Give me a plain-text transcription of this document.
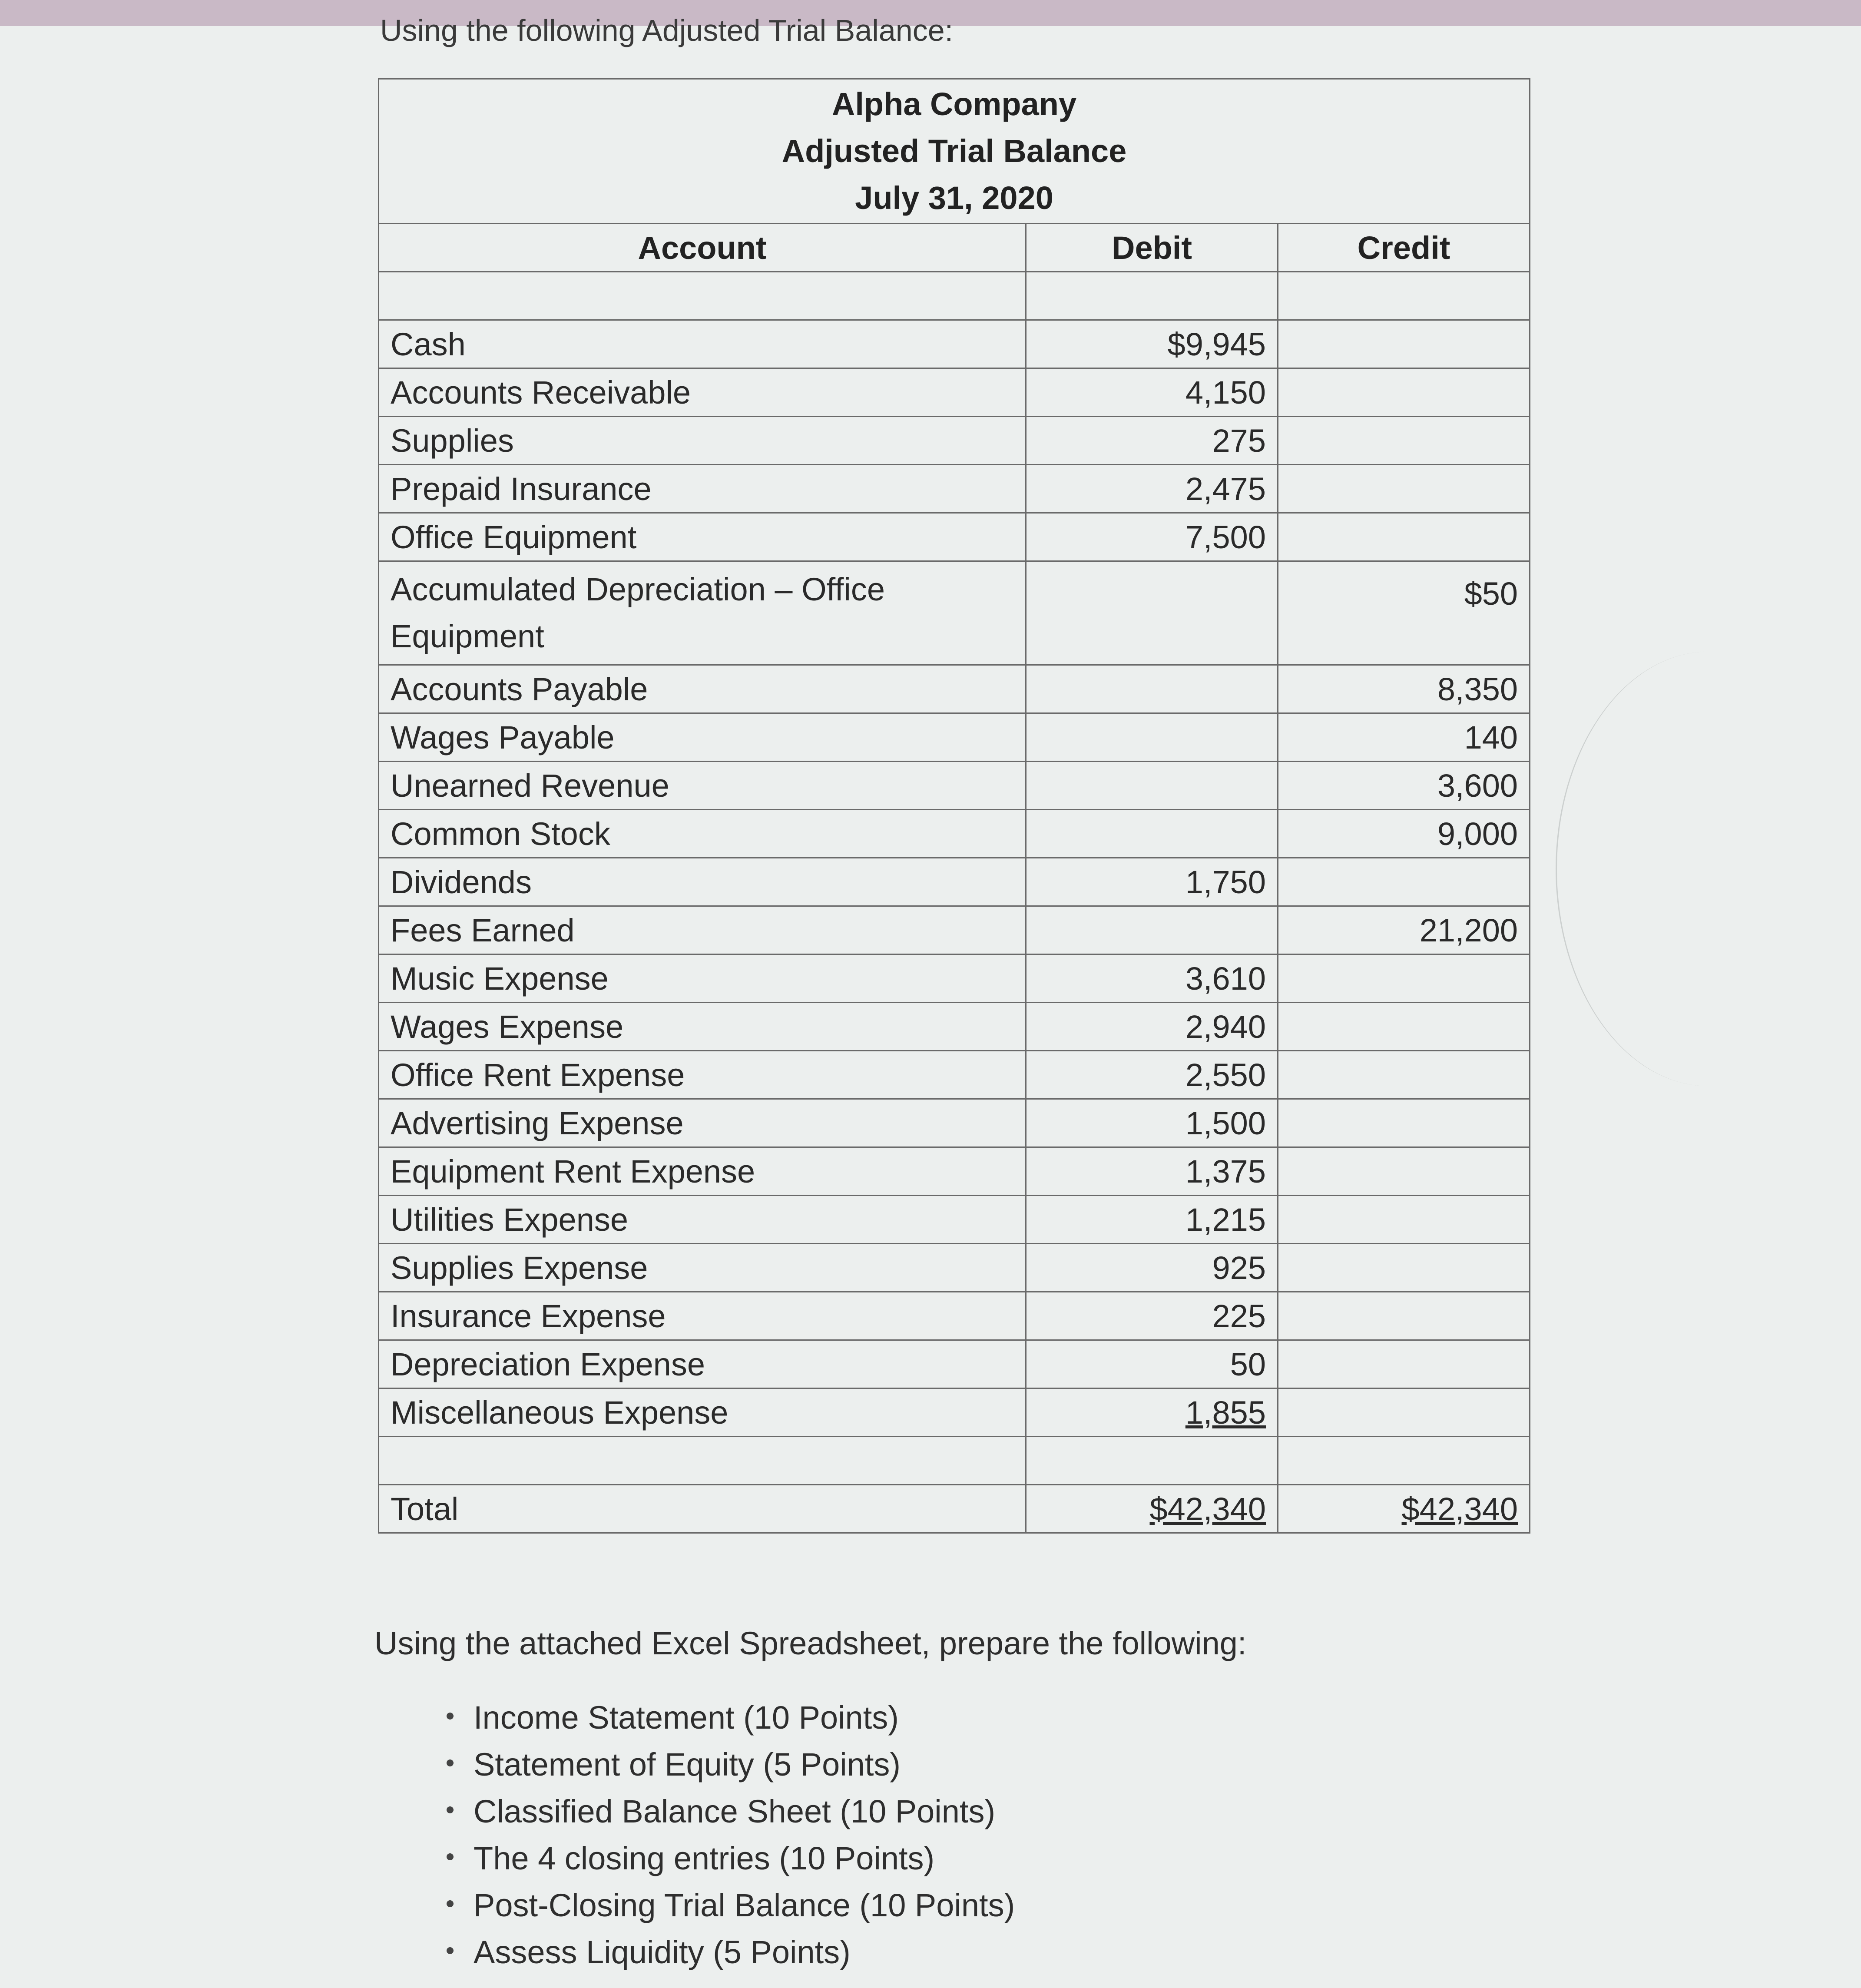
Using the following Adjusted Trial Balance:
Alpha Company
Adjusted Trial Balance
July 31, 2020		

Account	Debit	Credit

Cash	$9,945	
Accounts Receivable	4,150	
Supplies	275	
Prepaid Insurance	2,475	
Office Equipment	7,500	
Accumulated Depreciation – Office Equipment		$50
Accounts Payable		8,350
Wages Payable		140
Unearned Revenue		3,600
Common Stock		9,000
Dividends	1,750	
Fees Earned		21,200
Music Expense	3,610	
Wages Expense	2,940	
Office Rent Expense	2,550	
Advertising Expense	1,500	
Equipment Rent Expense	1,375	
Utilities Expense	1,215	
Supplies Expense	925	
Insurance Expense	225	
Depreciation Expense	50	
Miscellaneous Expense	1,855	

Total	$42,340	$42,340
Using the attached Excel Spreadsheet, prepare the following:
Income Statement (10 Points)
Statement of Equity (5 Points)
Classified Balance Sheet (10 Points)
The 4 closing entries (10 Points)
Post-Closing Trial Balance (10 Points)
Assess Liquidity (5 Points)
